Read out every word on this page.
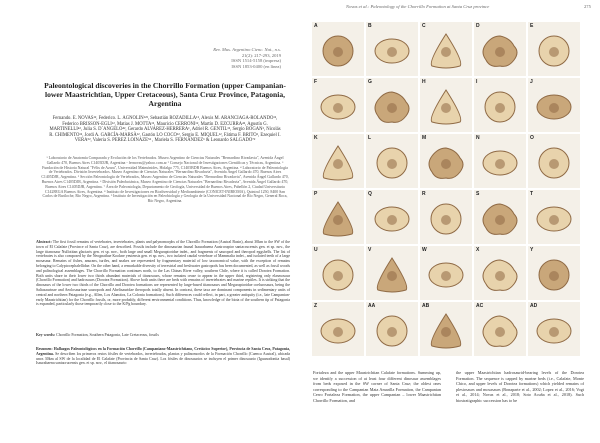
Novas et al.: Paleontology of the Chorrillo Formation at Santa Cruz province	275
Rev. Mus. Argentino Cienc. Nat., n.s.
21(2): 217-293, 2019
ISSN 1514-5158 (impresa)
ISSN 1853-0400 (en línea)
Paleontological discoveries in the Chorrillo Formation (upper Campanian-lower Maastrichtian, Upper Cretaceous), Santa Cruz Province, Patagonia, Argentina
Fernando. E. NOVAS¹², Federico. L. AGNOLIN¹²³, Sebastián ROZADILLA¹², Alexis M. ARANCIAGA-ROLANDO¹², Federico BRISSON-EGLI¹², Matias J. MOTTA¹², Mauricio CERRONI¹², Martín D. EZCURRA⁴², Agustín G. MARTINELLI⁴², Julia S. D´ANGELO⁴², Gerardo ALVAREZ-HERRERA¹, Adriel R. GENTIL¹², Sergio BOGAN³, Nicolás R. CHIMENTO¹², Jordi A. GARCÍA-MARSÀ¹², Gastón LO COCO¹², Sergio E. MIQUEL¹², Fátima F. BRITO¹, Ezequiel I. VERA⁵², Valeria S. PEREZ LOINAZE⁵² , Mariela S. FERNÁNDEZ⁶ & Leonardo SALGADO⁷²
¹ Laboratorio de Anatomía Comparada y Evolución de los Vertebrados. Museo Argentino de Ciencias Naturales "Bernardino Rivadavia", Avenida Ángel Gallardo 470, Buenos Aires C1405DJR, Argentina - fernovas@yahoo.com.ar ² Consejo Nacional de Investigaciones Científicas y Técnicas, Argentina. ³ Fundación de Historia Natural "Félix de Azara", Universidad Maimónides, Hidalgo 775, C1405BDB Buenos Aires, Argentina. ⁴ Laboratorio de Paleontología de Vertebrados. División Invertebrados. Museo Argentino de Ciencias Naturales "Bernardino Rivadavia", Avenida Ángel Gallardo 470, Buenos Aires C1405DJR, Argentina. ⁵ Sección Paleontología de Vertebrados, Museo Argentino de Ciencias Naturales "Bernardino Rivadavia", Avenida Ángel Gallardo 470, Buenos Aires C1405DJR, Argentina. ⁶ División Paleobotánica, Museo Argentino de Ciencias Naturales "Bernardino Rivadavia", Avenida Ángel Gallardo 470, Buenos Aires C1405DJR, Argentina. ⁷ Área de Paleontología, Departamento de Geología, Universidad de Buenos Aires, Pabellón 2, Ciudad Universitaria C1428EGA Buenos Aires, Argentina. ⁸ Instituto de Investigaciones en Biodiversidad y Medioambiente (CONICET-INIBIOMA), Quintral 1250, 8400 San Carlos de Bariloche, Río Negro, Argentina. ⁹ Instituto de Investigación en Paleobiología y Geología de la Universidad Nacional de Río Negro, General Roca, Río Negro, Argentina.
Abstract: The first fossil remains of vertebrates, invertebrates, plants and palynomorphs of the Chorrillo Formation (Austral Basin), about 30km to the SW of the town of El Calafate (Province of Santa Cruz), are described. Fossils include the dinosaurian faunal Isaurabaena Austroraptor santacrucensis gen. et sp. nov., the large titanosaur Nullotitan glaciaris gen. et sp. nov., both large and small Megaraptoridae indet., and fragments of sauropod and theropod eggshells. The list of vertebrates is also composed by the Neognathae Kookne yeutensis gen. et sp. nov., two isolated caudal vertebrae of Mammalia indet., and isolated teeth of a large mosasaur. Remains of fishes, anurans, turtles, and snakes are represented by fragmentary material of low taxonomical value, with the exception of remains belonging to Calyptocephalellidae. On the other hand, a remarkable diversity of terrestrial and freshwater gastropods has been documented, as well as fossil woods and palinological assemblages. The Chorrillo Formation continues north, to the Las Chinas River valley, southern Chile, where it is called Dorotea Formation. Both units share in their lower two thirds abundant materials of titanosaurs, whose remains cease to appear in the upper third, registering only elasmosaur (Chorrillo Formation) and hadrosaurs (Dorotea Formation). Above both units there are beds with remains of invertebrates and marine reptiles. It is striking that the dinosaurs of the lower two thirds of the Chorrillo and Dorotea formations are represented by large-based titanosaurs and Megaraptoridae coelurosaurs, being the Saltasaurinae and Aeolosaurinae sauropods and Abelisauridae theropods totally absent. In contrast, these taxa are dominant components in sedimentary units of central and northern Patagonia (e.g., Allen, Los Alamitos, La Colonia formations). Such differences could reflect, in part, a greater antiquity (i.e., late Campanian-early Maastrichtian) for the Chorrillo fossils, or, more probably, different environmental conditions. Thus, knowledge of the biota of the southern tip of Patagonia is expanded, particularly those temporarily close to the K/Pg boundary.
Key words: Chorrillo Formation, Southern Patagonia, Late Cretaceous, fossils
Resumen: Hallazgos Paleontológicos en la Formación Chorrillo (Campaniano-Maastrichtiano, Cretácico Superior), Provincia de Santa Cruz, Patagonia, Argentina. Se describen los primeros restos fósiles de vertebrados, invertebrados, plantas y palinomorfos de la Formación Chorrillo (Cuenca Austral), ubicada unos 30km al SW de la localidad de El Calafate (Provincia de Santa Cruz). Los fósiles de dinosaurios se incluyen el primer dinosaurio (Iguanodontia basal) Isaurabaena santacrucensis gen. et sp. nov., el titanosaurio
Fortaleza and the upper Maastrichtian Calafate formations. Summing up, we identify a succession of at least four different dinosaur assemblages from beds exposed in the SW corner of Santa Cruz; the oldest ones corresponding to the Campanian Mata Amarilla Formation, the Campanian Cerro Fortaleza Formation, the upper Campanian – lower Maastrichtian Chorrillo Formation, and
the upper Maastrichtian hadrosaurid-bearing levels of the Dorotea Formation. The sequence is capped by marine beds (i.e., Calafate, Monte Chico, and upper levels of Dorotea formations) which yielded remains of plesiosaurs and mosasaurs (Bonaparte et al., 2002; Lopez et al., 2016; Vogt et al., 2014; Novas et al., 2018; Soto Acuña et al., 2018). Such biostratigraphic succession has to be
A	B	C	D	E
F	G	H	I	J
K	L	M	N	O
P	Q	R	S	T
U	V	W	X	Y
Z	AA	AB	AC	AD
